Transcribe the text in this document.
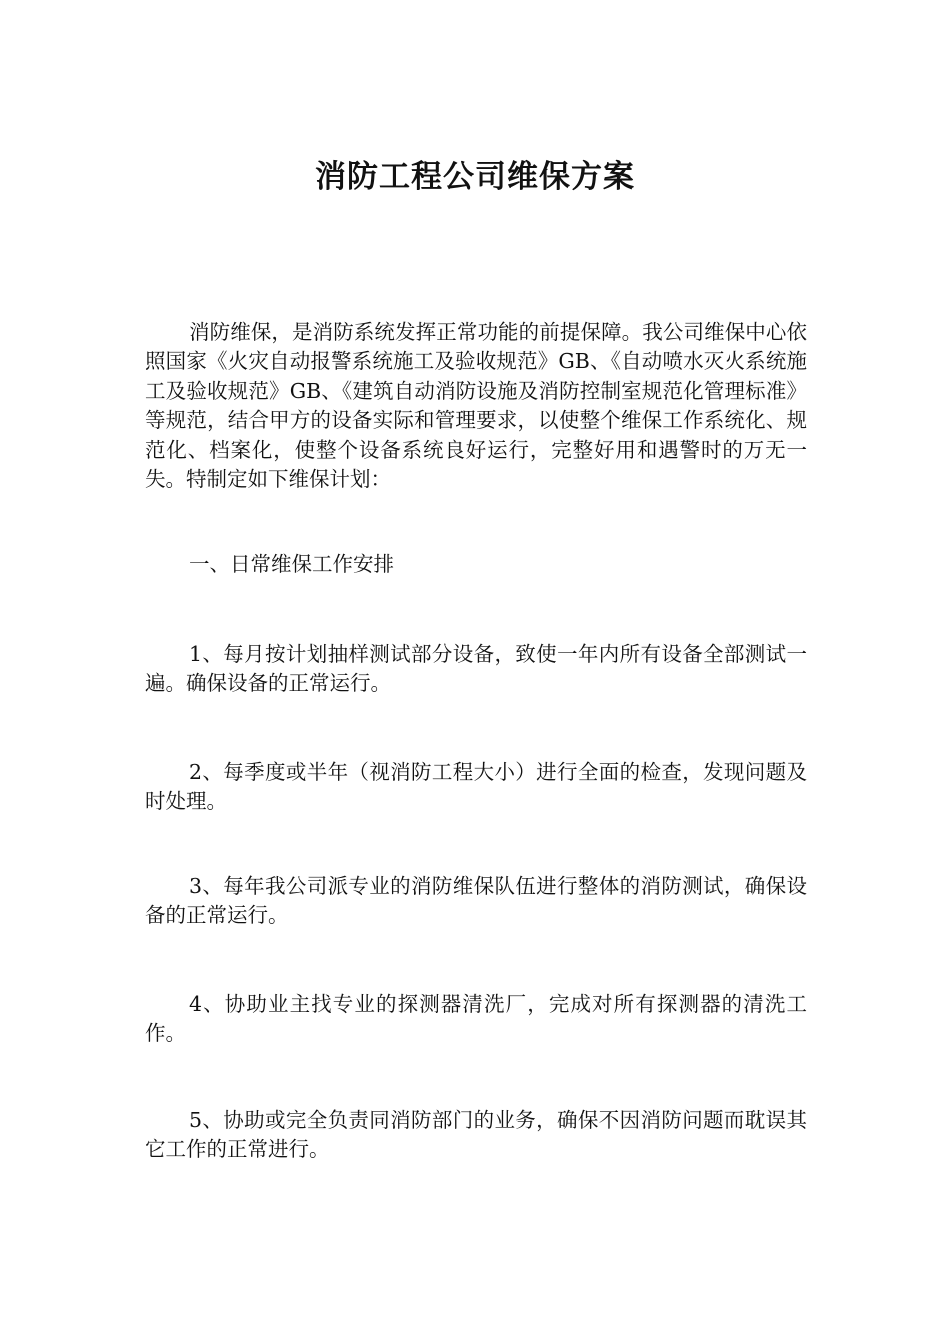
消防工程公司维保方案

消防维保，是消防系统发挥正常功能的前提保障。我公司维保中心依照国家《火灾自动报警系统施工及验收规范》GB、《自动喷水灭火系统施工及验收规范》GB、《建筑自动消防设施及消防控制室规范化管理标准》等规范，结合甲方的设备实际和管理要求，以使整个维保工作系统化、规范化、档案化，使整个设备系统良好运行，完整好用和遇警时的万无一失。特制定如下维保计划：

一、日常维保工作安排

1、每月按计划抽样测试部分设备，致使一年内所有设备全部测试一遍。确保设备的正常运行。

2、每季度或半年（视消防工程大小）进行全面的检查，发现问题及时处理。

3、每年我公司派专业的消防维保队伍进行整体的消防测试，确保设备的正常运行。

4、协助业主找专业的探测器清洗厂，完成对所有探测器的清洗工作。

5、协助或完全负责同消防部门的业务，确保不因消防问题而耽误其它工作的正常进行。
